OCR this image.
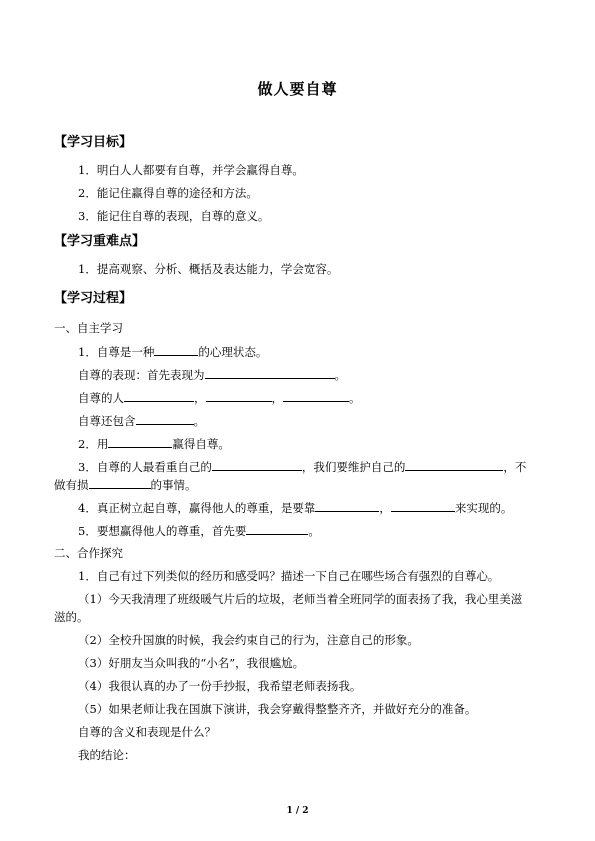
做人要自尊
【学习目标】
1．明白人人都要有自尊，并学会赢得自尊。
2．能记住赢得自尊的途径和方法。
3．能记住自尊的表现，自尊的意义。
【学习重难点】
1．提高观察、分析、概括及表达能力，学会宽容。
【学习过程】
一、自主学习
1．自尊是一种	的心理状态。
自尊的表现：首先表现为	。
自尊的人	，	，	。
自尊还包含	。
2．用	赢得自尊。
3．自尊的人最看重自己的	，我们要维护自己的	，不
做有损	的事情。
4．真正树立起自尊，赢得他人的尊重，是要靠	，	来实现的。
5．要想赢得他人的尊重，首先要	。
二、合作探究
1．自己有过下列类似的经历和感受吗？描述一下自己在哪些场合有强烈的自尊心。
（1）今天我清理了班级暖气片后的垃圾，老师当着全班同学的面表扬了我，我心里美滋
滋的。
（2）全校升国旗的时候，我会约束自己的行为，注意自己的形象。
（3）好朋友当众叫我的“小名”，我很尴尬。
（4）我很认真的办了一份手抄报，我希望老师表扬我。
（5）如果老师让我在国旗下演讲，我会穿戴得整整齐齐，并做好充分的准备。
自尊的含义和表现是什么？
我的结论：
1 / 2
